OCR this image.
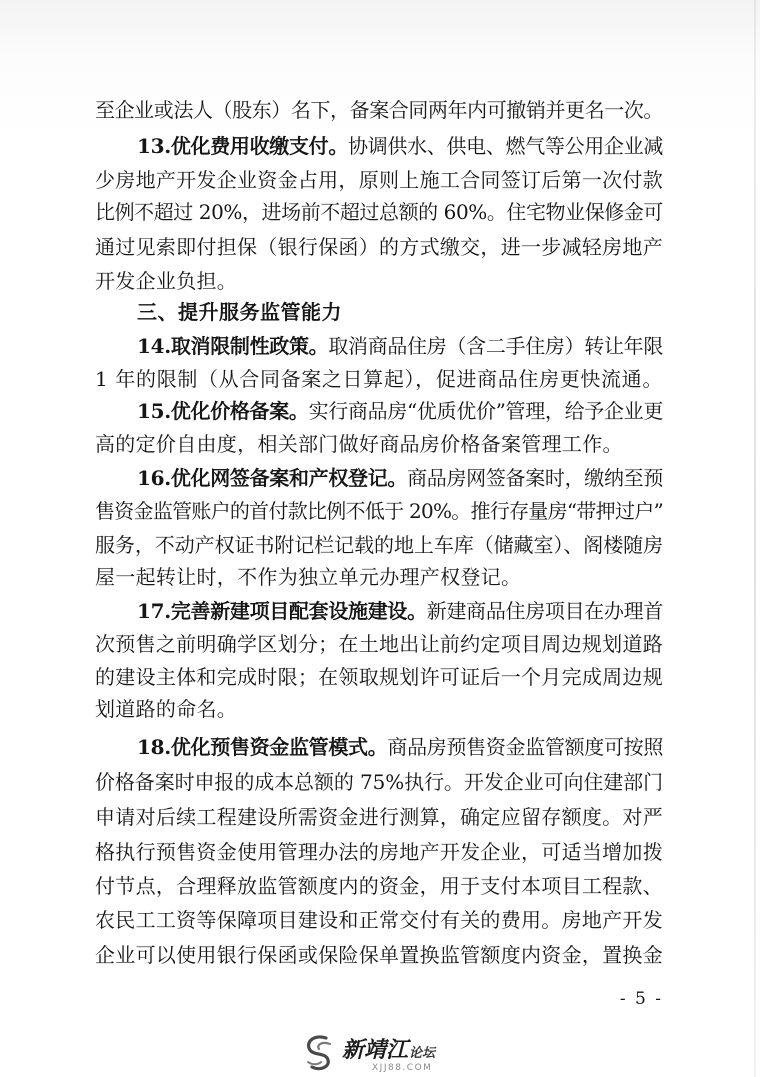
至企业或法人（股东）名下，备案合同两年内可撤销并更名一次。
13.优化费用收缴支付。协调供水、供电、燃气等公用企业减
少房地产开发企业资金占用，原则上施工合同签订后第一次付款
比例不超过 20%，进场前不超过总额的 60%。住宅物业保修金可
通过见索即付担保（银行保函）的方式缴交，进一步减轻房地产
开发企业负担。
三、提升服务监管能力
14.取消限制性政策。取消商品住房（含二手住房）转让年限
1 年的限制（从合同备案之日算起），促进商品住房更快流通。
15.优化价格备案。实行商品房“优质优价”管理，给予企业更
高的定价自由度，相关部门做好商品房价格备案管理工作。
16.优化网签备案和产权登记。商品房网签备案时，缴纳至预
售资金监管账户的首付款比例不低于 20%。推行存量房“带押过户”
服务，不动产权证书附记栏记载的地上车库（储藏室）、阁楼随房
屋一起转让时，不作为独立单元办理产权登记。
17.完善新建项目配套设施建设。新建商品住房项目在办理首
次预售之前明确学区划分；在土地出让前约定项目周边规划道路
的建设主体和完成时限；在领取规划许可证后一个月完成周边规
划道路的命名。
18.优化预售资金监管模式。商品房预售资金监管额度可按照
价格备案时申报的成本总额的 75%执行。开发企业可向住建部门
申请对后续工程建设所需资金进行测算，确定应留存额度。对严
格执行预售资金使用管理办法的房地产开发企业，可适当增加拨
付节点，合理释放监管额度内的资金，用于支付本项目工程款、
农民工工资等保障项目建设和正常交付有关的费用。房地产开发
企业可以使用银行保函或保险保单置换监管额度内资金，置换金
- 5 -
新靖江论坛
XJJ88.COM
